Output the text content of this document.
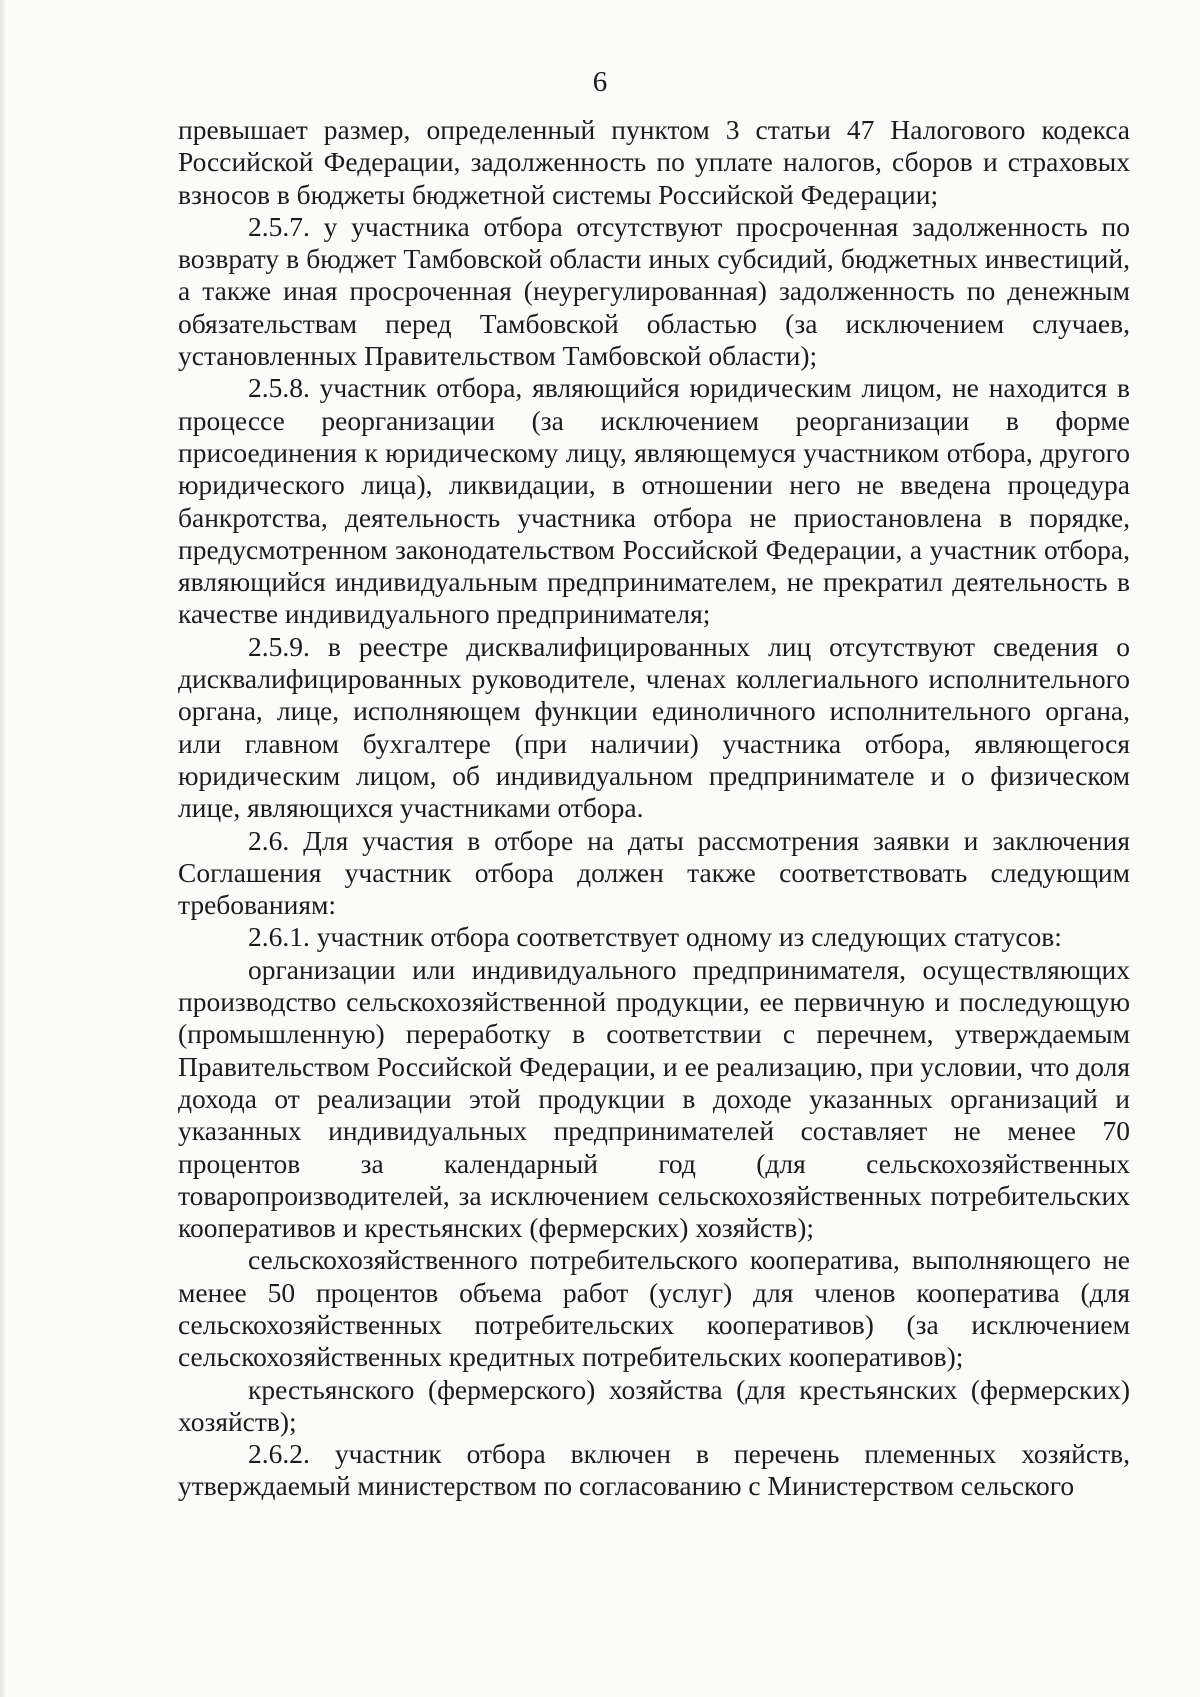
6

превышает размер, определенный пунктом 3 статьи 47 Налогового кодекса Российской Федерации, задолженность по уплате налогов, сборов и страховых взносов в бюджеты бюджетной системы Российской Федерации;

2.5.7. у участника отбора отсутствуют просроченная задолженность по возврату в бюджет Тамбовской области иных субсидий, бюджетных инвестиций, а также иная просроченная (неурегулированная) задолженность по денежным обязательствам перед Тамбовской областью (за исключением случаев, установленных Правительством Тамбовской области);

2.5.8. участник отбора, являющийся юридическим лицом, не находится в процессе реорганизации (за исключением реорганизации в форме присоединения к юридическому лицу, являющемуся участником отбора, другого юридического лица), ликвидации, в отношении него не введена процедура банкротства, деятельность участника отбора не приостановлена в порядке, предусмотренном законодательством Российской Федерации, а участник отбора, являющийся индивидуальным предпринимателем, не прекратил деятельность в качестве индивидуального предпринимателя;

2.5.9. в реестре дисквалифицированных лиц отсутствуют сведения о дисквалифицированных руководителе, членах коллегиального исполнительного органа, лице, исполняющем функции единоличного исполнительного органа, или главном бухгалтере (при наличии) участника отбора, являющегося юридическим лицом, об индивидуальном предпринимателе и о физическом лице, являющихся участниками отбора.

2.6. Для участия в отборе на даты рассмотрения заявки и заключения Соглашения участник отбора должен также соответствовать следующим требованиям:

2.6.1. участник отбора соответствует одному из следующих статусов:

организации или индивидуального предпринимателя, осуществляющих производство сельскохозяйственной продукции, ее первичную и последующую (промышленную) переработку в соответствии с перечнем, утверждаемым Правительством Российской Федерации, и ее реализацию, при условии, что доля дохода от реализации этой продукции в доходе указанных организаций и указанных индивидуальных предпринимателей составляет не менее 70 процентов за календарный год (для сельскохозяйственных товаропроизводителей, за исключением сельскохозяйственных потребительских кооперативов и крестьянских (фермерских) хозяйств);

сельскохозяйственного потребительского кооператива, выполняющего не менее 50 процентов объема работ (услуг) для членов кооператива (для сельскохозяйственных потребительских кооперативов) (за исключением сельскохозяйственных кредитных потребительских кооперативов);

крестьянского (фермерского) хозяйства (для крестьянских (фермерских) хозяйств);

2.6.2. участник отбора включен в перечень племенных хозяйств, утверждаемый министерством по согласованию с Министерством сельского
